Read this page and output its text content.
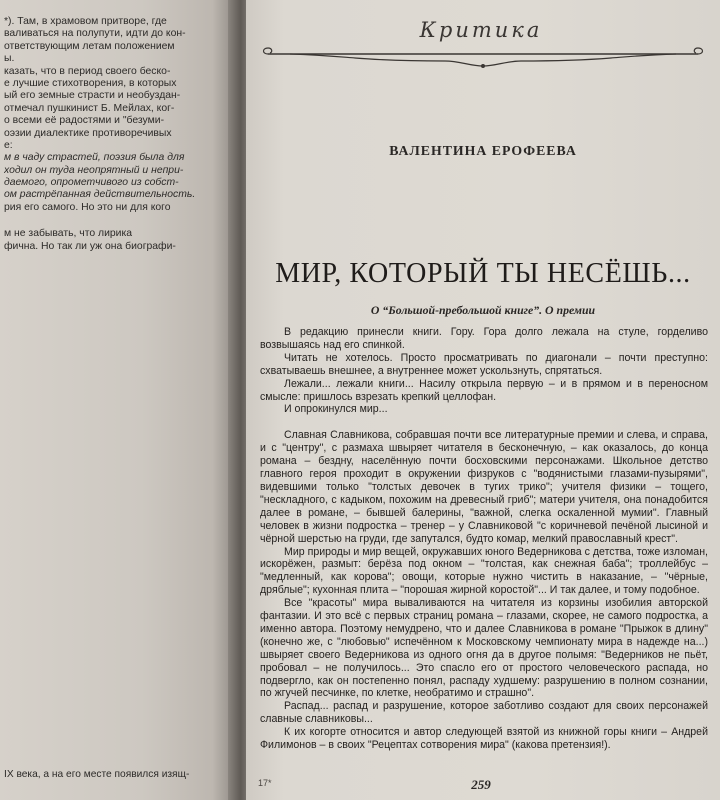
*). Там, в храмовом притворе, где
валиваться на полупути, идти до кон-
ответствующим летам положением
ы.
казать, что в период своего беско-
е лучшие стихотворения, в которых
ый его земные страсти и необуздан-
отмечал пушкинист Б. Мейлах, ког-
о всеми её радостями и "безуми-
оэзии диалектике противоречивых
е:
м в чаду страстей, поэзия была для
ходил он туда неопрятный и непри-
даемого, опрометчивого из собст-
ом растрёпанная действительность.
рия его самого. Но это ни для кого
м не забывать, что лирика
фична. Но так ли уж она биографи-
IX века, а на его месте появился изящ-
Критика
ВАЛЕНТИНА ЕРОФЕЕВА
МИР, КОТОРЫЙ ТЫ НЕСЁШЬ...
О “Большой-пребольшой книге”. О премии

В редакцию принесли книги. Гору. Гора долго лежала на стуле, горделиво возвышаясь над его спинкой.

Читать не хотелось. Просто просматривать по диагонали – почти преступно: схватываешь внешнее, а внутреннее может ускользнуть, спрятаться.

Лежали... лежали книги... Насилу открыла первую – и в прямом и в переносном смысле: пришлось взрезать крепкий целлофан.

И опрокинулся мир...

Славная Славникова, собравшая почти все литературные премии и слева, и справа, и с "центру", с размаха швыряет читателя в бесконечную, – как оказалось, до конца романа – бездну, населённую почти босховскими персонажами. Школьное детство главного героя проходит в окружении физруков с "водянистыми глазами-пузырями", видевшими только "толстых девочек в тугих трико"; учителя физики – тощего, "нескладного, с кадыком, похожим на древесный гриб"; матери учителя, она понадобится далее в романе, – бывшей балерины, "важной, слегка оскаленной мумии". Главный человек в жизни подростка – тренер – у Славниковой "с коричневой печёной лысиной и чёрной шерстью на груди, где запутался, будто комар, мелкий православный крест".

Мир природы и мир вещей, окружавших юного Ведерникова с детства, тоже изломан, искорёжен, размыт: берёза под окном – "толстая, как снежная баба"; троллейбус – "медленный, как корова"; овощи, которые нужно чистить в наказание, – "чёрные, дряблые"; кухонная плита – "порошая жирной коростой"... И так далее, и тому подобное.

Все "красоты" мира вываливаются на читателя из корзины изобилия авторской фантазии. И это всё с первых страниц романа – глазами, скорее, не самого подростка, а именно автора. Поэтому немудрено, что и далее Славникова в романе "Прыжок в длину" (конечно же, с "любовью" испечённом к Московскому чемпионату мира в надежде на...) швыряет своего Ведерникова из одного огня да в другое полымя: "Ведерников не пьёт, пробовал – не получилось... Это спасло его от простого человеческого распада, но подвергло, как он постепенно понял, распаду худшему: разрушению в полном сознании, по жгучей песчинке, по клетке, необратимо и страшно".

Распад... распад и разрушение, которое заботливо создают для своих персонажей славные славниковы...

К их когорте относится и автор следующей взятой из книжной горы книги – Андрей Филимонов – в своих "Рецептах сотворения мира" (какова претензия!).

17*	259
